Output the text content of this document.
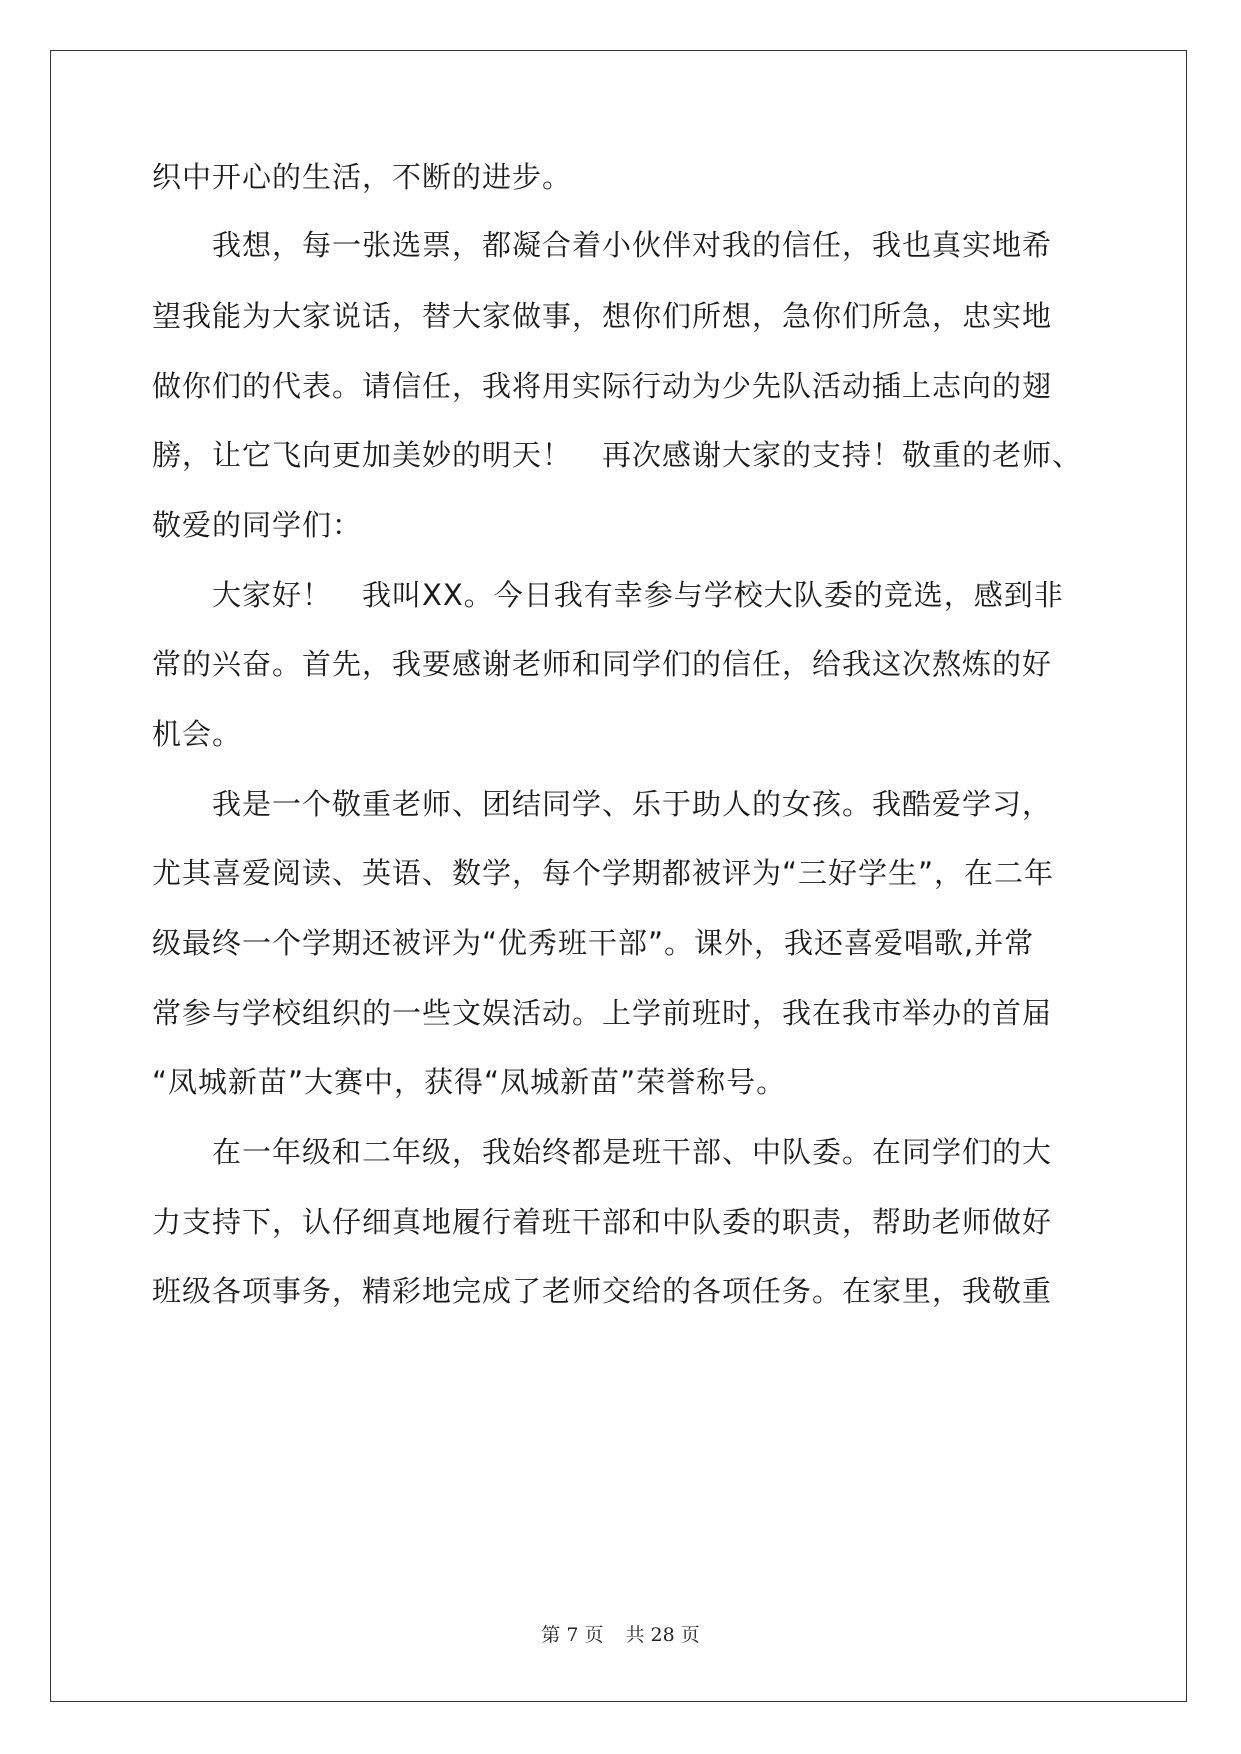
织中开心的生活，不断的进步。
　　我想，每一张选票，都凝合着小伙伴对我的信任，我也真实地希
望我能为大家说话，替大家做事，想你们所想，急你们所急，忠实地
做你们的代表。请信任，我将用实际行动为少先队活动插上志向的翅
膀，让它飞向更加美妙的明天！　再次感谢大家的支持！敬重的老师、
敬爱的同学们：
　　大家好！　我叫XX。今日我有幸参与学校大队委的竞选，感到非
常的兴奋。首先，我要感谢老师和同学们的信任，给我这次熬炼的好
机会。
　　我是一个敬重老师、团结同学、乐于助人的女孩。我酷爱学习，
尤其喜爱阅读、英语、数学，每个学期都被评为“三好学生”，在二年
级最终一个学期还被评为“优秀班干部”。课外，我还喜爱唱歌,并常
常参与学校组织的一些文娱活动。上学前班时，我在我市举办的首届
“凤城新苗”大赛中，获得“凤城新苗”荣誉称号。
　　在一年级和二年级，我始终都是班干部、中队委。在同学们的大
力支持下，认仔细真地履行着班干部和中队委的职责，帮助老师做好
班级各项事务，精彩地完成了老师交给的各项任务。在家里，我敬重
第 7 页 共 28 页
